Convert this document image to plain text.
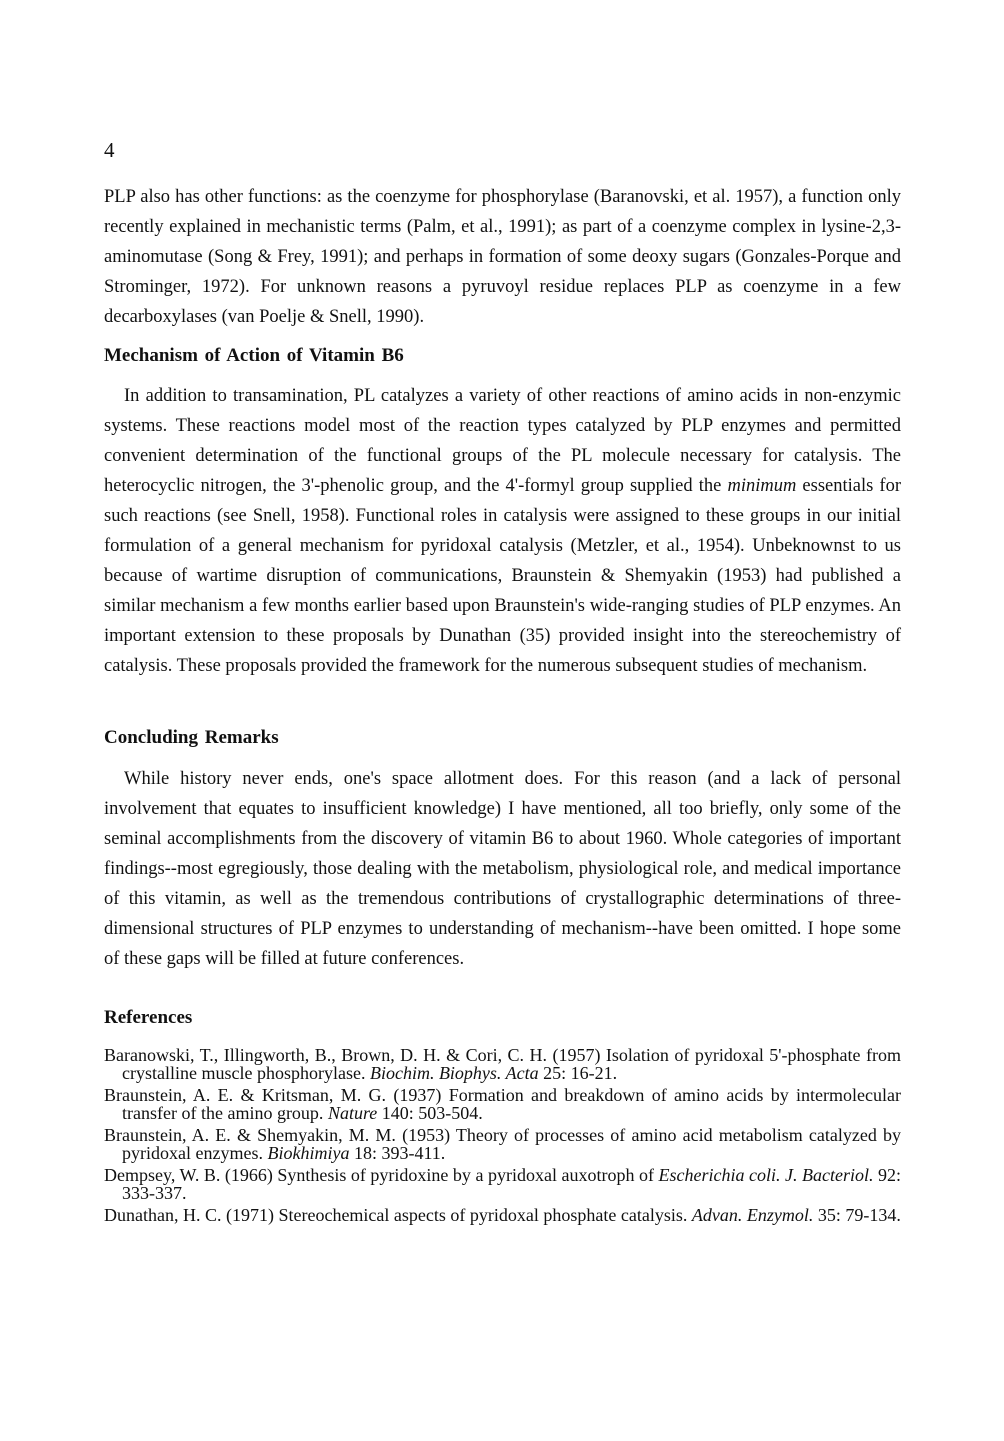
4

PLP also has other functions: as the coenzyme for phosphorylase (Baranovski, et al. 1957), a function only recently explained in mechanistic terms (Palm, et al., 1991); as part of a coenzyme complex in lysine-2,3-aminomutase (Song & Frey, 1991); and perhaps in formation of some deoxy sugars (Gonzales-Porque and Strominger, 1972). For unknown reasons a pyruvoyl residue replaces PLP as coenzyme in a few decarboxylases (van Poelje & Snell, 1990).

Mechanism of Action of Vitamin B6

In addition to transamination, PL catalyzes a variety of other reactions of amino acids in non-enzymic systems. These reactions model most of the reaction types catalyzed by PLP enzymes and permitted convenient determination of the functional groups of the PL molecule necessary for catalysis. The heterocyclic nitrogen, the 3'-phenolic group, and the 4'-formyl group supplied the minimum essentials for such reactions (see Snell, 1958). Functional roles in catalysis were assigned to these groups in our initial formulation of a general mechanism for pyridoxal catalysis (Metzler, et al., 1954). Unbeknownst to us because of wartime disruption of communications, Braunstein & Shemyakin (1953) had published a similar mechanism a few months earlier based upon Braunstein's wide-ranging studies of PLP enzymes. An important extension to these proposals by Dunathan (35) provided insight into the stereochemistry of catalysis. These proposals provided the framework for the numerous subsequent studies of mechanism.

Concluding Remarks

While history never ends, one's space allotment does. For this reason (and a lack of personal involvement that equates to insufficient knowledge) I have mentioned, all too briefly, only some of the seminal accomplishments from the discovery of vitamin B6 to about 1960. Whole categories of important findings--most egregiously, those dealing with the metabolism, physiological role, and medical importance of this vitamin, as well as the tremendous contributions of crystallographic determinations of three-dimensional structures of PLP enzymes to understanding of mechanism--have been omitted. I hope some of these gaps will be filled at future conferences.

References
Baranowski, T., Illingworth, B., Brown, D. H. & Cori, C. H. (1957) Isolation of pyridoxal 5'-phosphate from crystalline muscle phosphorylase. Biochim. Biophys. Acta 25: 16-21.
Braunstein, A. E. & Kritsman, M. G. (1937) Formation and breakdown of amino acids by intermolecular transfer of the amino group. Nature 140: 503-504.
Braunstein, A. E. & Shemyakin, M. M. (1953) Theory of processes of amino acid metabolism catalyzed by pyridoxal enzymes. Biokhimiya 18: 393-411.
Dempsey, W. B. (1966) Synthesis of pyridoxine by a pyridoxal auxotroph of Escherichia coli. J. Bacteriol. 92: 333-337.
Dunathan, H. C. (1971) Stereochemical aspects of pyridoxal phosphate catalysis. Advan. Enzymol. 35: 79-134.
